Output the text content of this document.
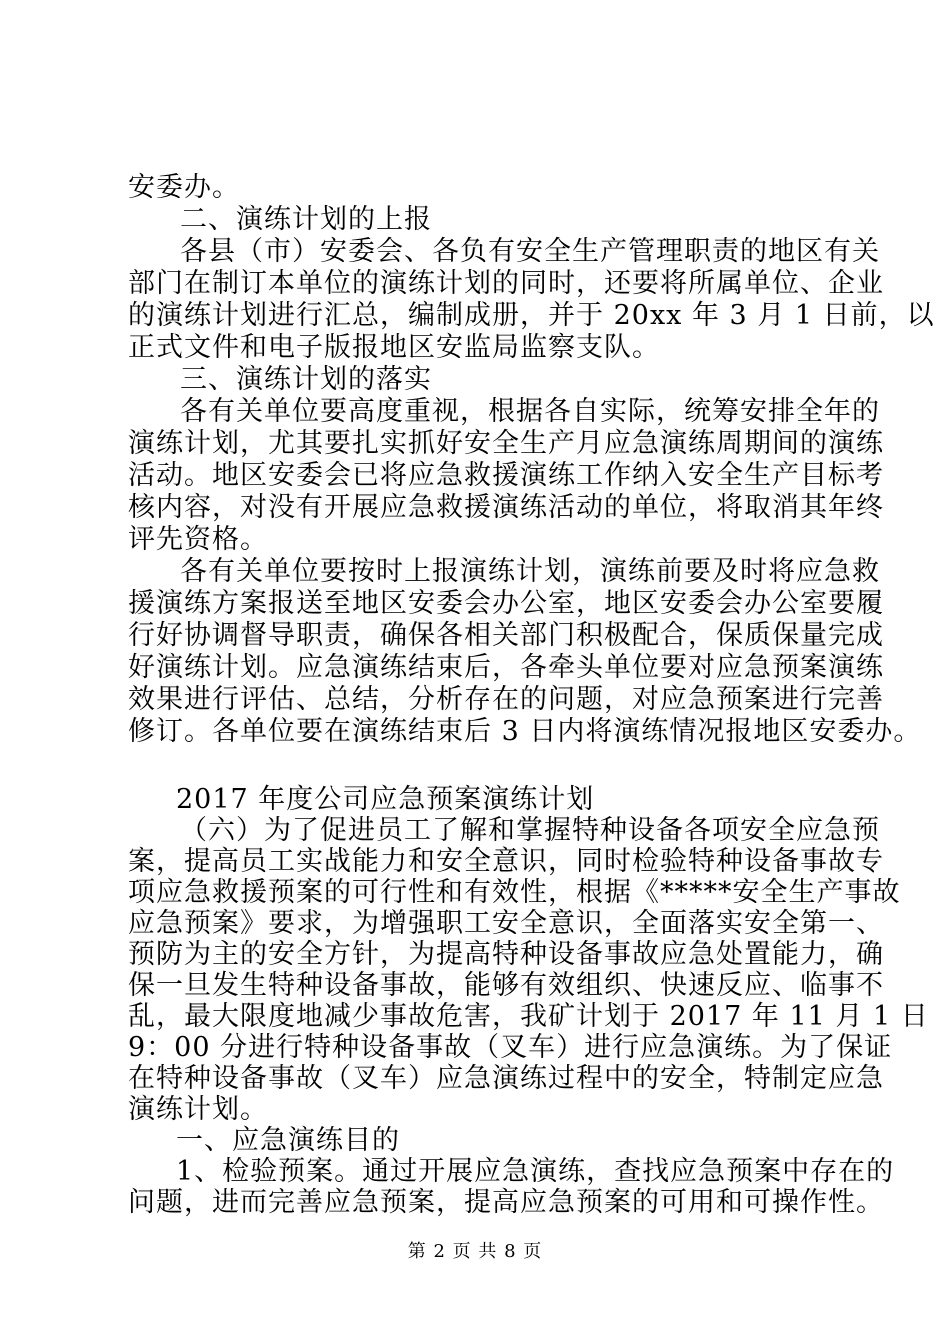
安委办。
二、演练计划的上报
各县（市）安委会、各负有安全生产管理职责的地区有关
部门在制订本单位的演练计划的同时，还要将所属单位、企业
的演练计划进行汇总，编制成册，并于 20xx 年 3 月 1 日前，以
正式文件和电子版报地区安监局监察支队。
三、演练计划的落实
各有关单位要高度重视，根据各自实际，统筹安排全年的
演练计划，尤其要扎实抓好安全生产月应急演练周期间的演练
活动。地区安委会已将应急救援演练工作纳入安全生产目标考
核内容，对没有开展应急救援演练活动的单位，将取消其年终
评先资格。
各有关单位要按时上报演练计划，演练前要及时将应急救
援演练方案报送至地区安委会办公室，地区安委会办公室要履
行好协调督导职责，确保各相关部门积极配合，保质保量完成
好演练计划。应急演练结束后，各牵头单位要对应急预案演练
效果进行评估、总结，分析存在的问题，对应急预案进行完善
修订。各单位要在演练结束后 3 日内将演练情况报地区安委办。
2017 年度公司应急预案演练计划
（六）为了促进员工了解和掌握特种设备各项安全应急预
案，提高员工实战能力和安全意识，同时检验特种设备事故专
项应急救援预案的可行性和有效性，根据《*****安全生产事故
应急预案》要求，为增强职工安全意识，全面落实安全第一、
预防为主的安全方针，为提高特种设备事故应急处置能力，确
保一旦发生特种设备事故，能够有效组织、快速反应、临事不
乱，最大限度地减少事故危害，我矿计划于 2017 年 11 月 1 日
9：00 分进行特种设备事故（叉车）进行应急演练。为了保证
在特种设备事故（叉车）应急演练过程中的安全，特制定应急
演练计划。
一、应急演练目的
1、检验预案。通过开展应急演练，查找应急预案中存在的
问题，进而完善应急预案，提高应急预案的可用和可操作性。
第 2 页 共 8 页
